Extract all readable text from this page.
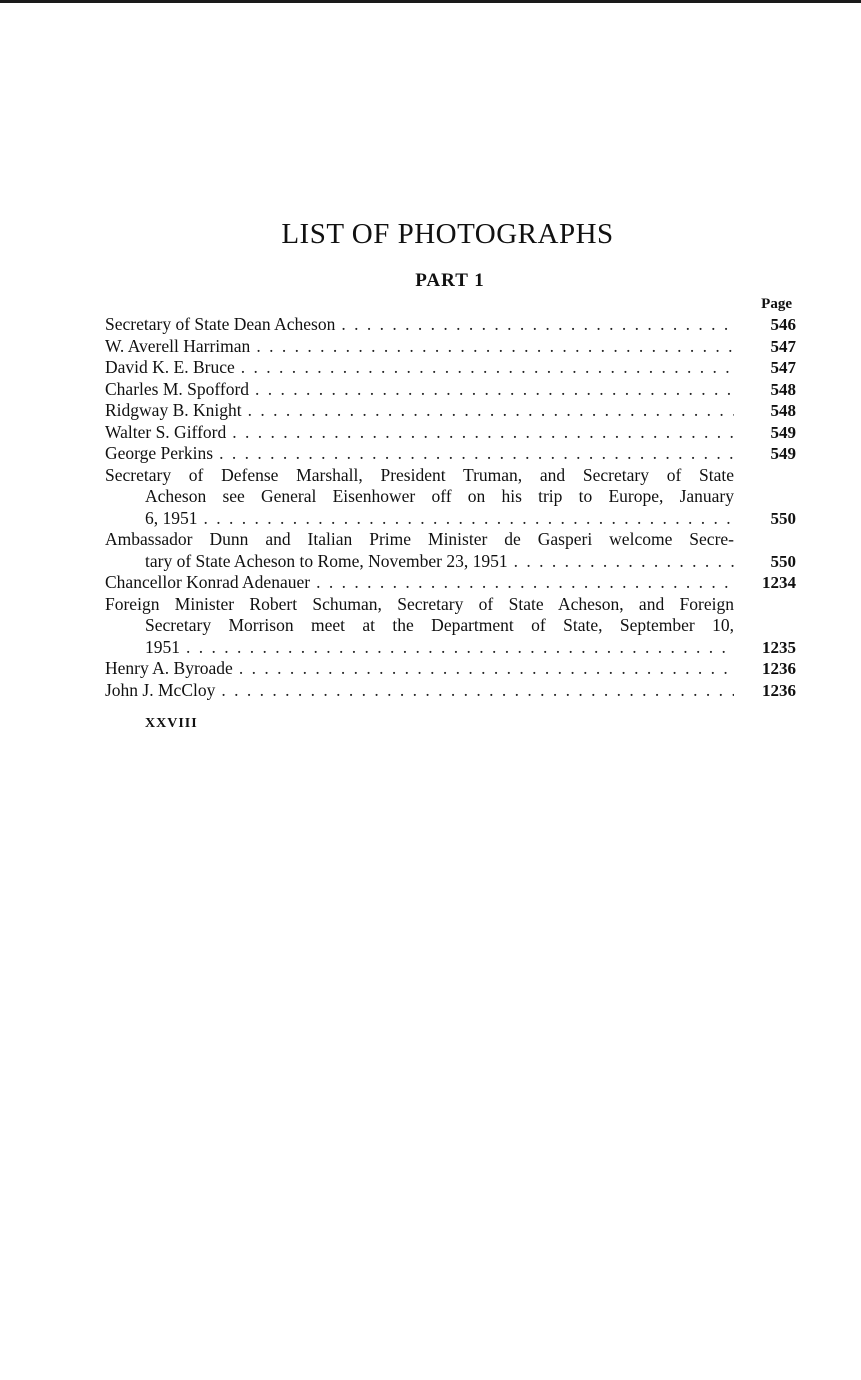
LIST OF PHOTOGRAPHS
PART 1
Page
Secretary of State Dean Acheson . . .	546
W. Averell Harriman . . .	547
David K. E. Bruce . . .	547
Charles M. Spofford . . .	548
Ridgway B. Knight . . .	548
Walter S. Gifford . . .	549
George Perkins . . .	549
Secretary of Defense Marshall, President Truman, and Secretary of State
Acheson see General Eisenhower off on his trip to Europe, January
6, 1951 . . .	550
Ambassador Dunn and Italian Prime Minister de Gasperi welcome Secre-
tary of State Acheson to Rome, November 23, 1951 . . .	550
Chancellor Konrad Adenauer . . .	1234
Foreign Minister Robert Schuman, Secretary of State Acheson, and Foreign
Secretary Morrison meet at the Department of State, September 10,
1951 . . .	1235
Henry A. Byroade . . .	1236
John J. McCloy . . .	1236
XXVIII
